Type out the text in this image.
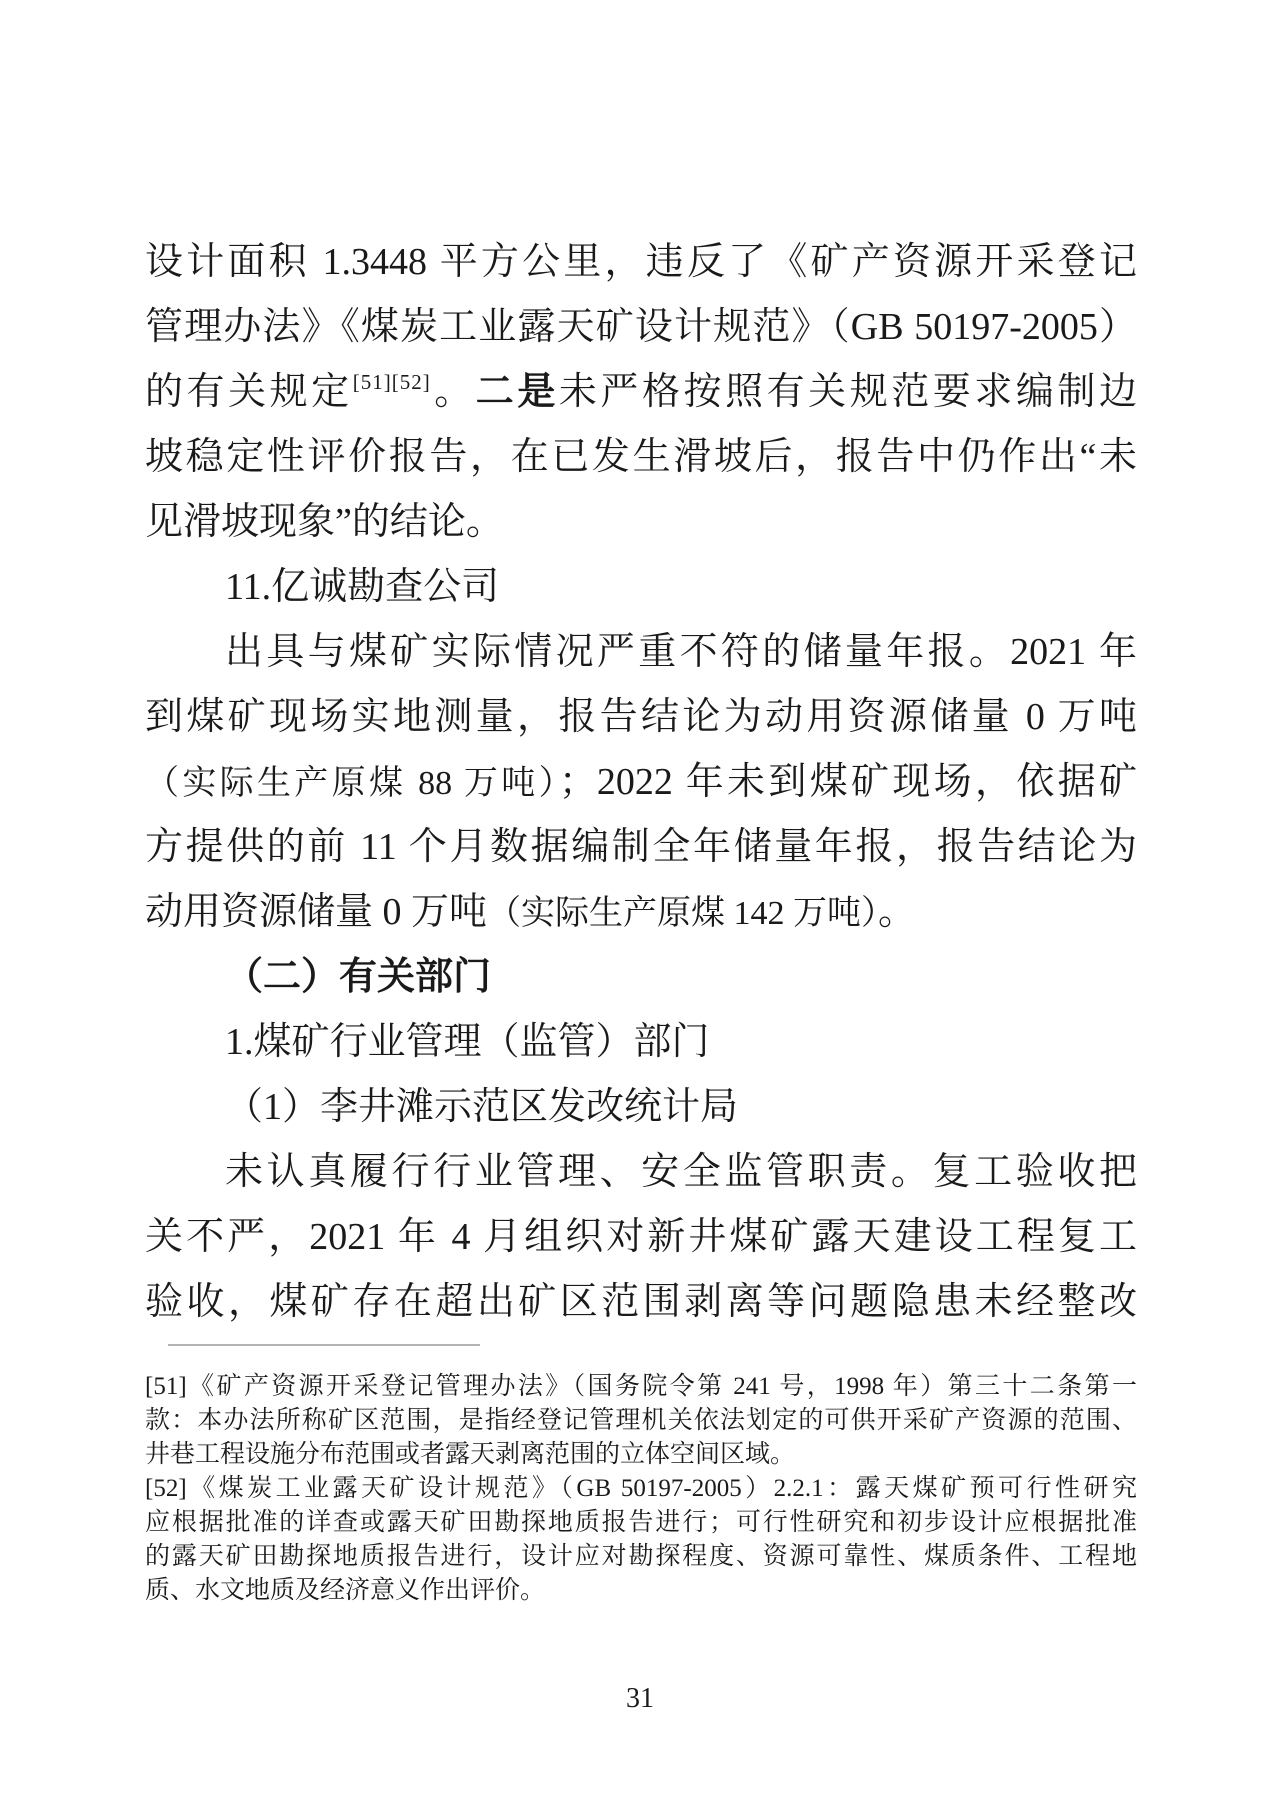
设计面积 1.3448 平方公里，违反了《矿产资源开采登记
管理办法》《煤炭工业露天矿设计规范》（GB 50197-2005）
的有关规定[51][52]。二是未严格按照有关规范要求编制边
坡稳定性评价报告，在已发生滑坡后，报告中仍作出“未
见滑坡现象”的结论。
11.亿诚勘查公司
出具与煤矿实际情况严重不符的储量年报。2021 年
到煤矿现场实地测量，报告结论为动用资源储量 0 万吨
（实际生产原煤 88 万吨）；2022 年未到煤矿现场，依据矿
方提供的前 11 个月数据编制全年储量年报，报告结论为
动用资源储量 0 万吨（实际生产原煤 142 万吨）。
（二）有关部门
1.煤矿行业管理（监管）部门
（1）李井滩示范区发改统计局
未认真履行行业管理、安全监管职责。复工验收把
关不严，2021 年 4 月组织对新井煤矿露天建设工程复工
验收，煤矿存在超出矿区范围剥离等问题隐患未经整改
[51]《矿产资源开采登记管理办法》（国务院令第 241 号，1998 年）第三十二条第一
款：本办法所称矿区范围，是指经登记管理机关依法划定的可供开采矿产资源的范围、
井巷工程设施分布范围或者露天剥离范围的立体空间区域。
[52]《煤炭工业露天矿设计规范》（GB 50197-2005）2.2.1：露天煤矿预可行性研究
应根据批准的详查或露天矿田勘探地质报告进行；可行性研究和初步设计应根据批准
的露天矿田勘探地质报告进行，设计应对勘探程度、资源可靠性、煤质条件、工程地
质、水文地质及经济意义作出评价。
31
